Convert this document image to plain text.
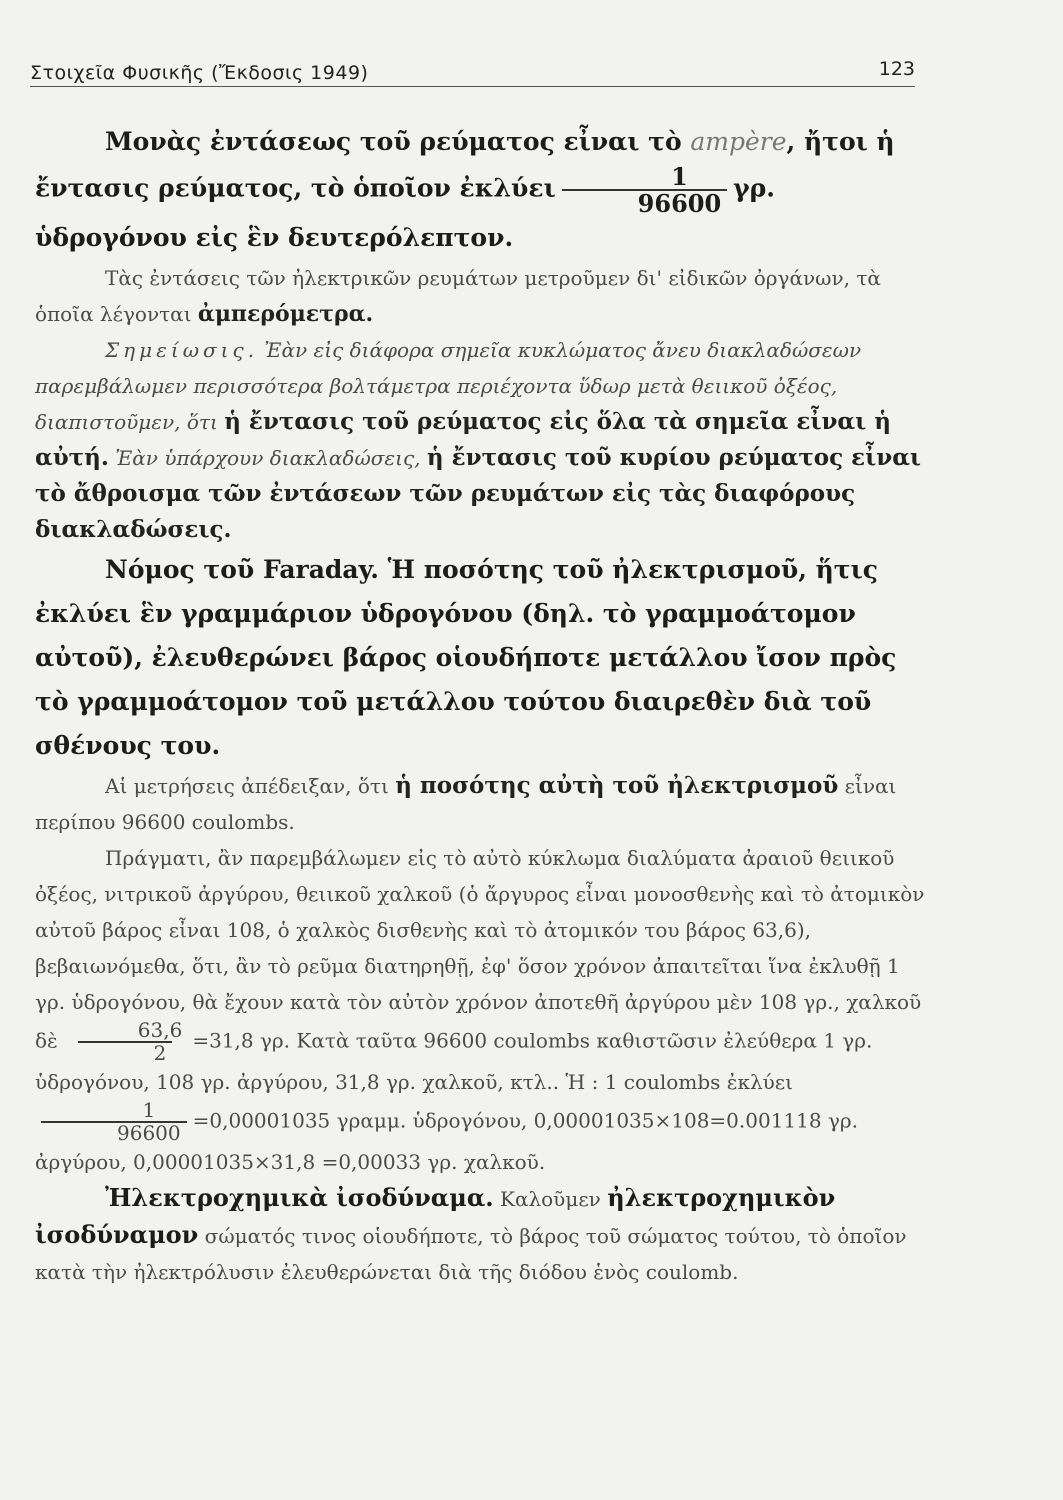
Στοιχεῖα Φυσικῆς (Ἔκδοσις 1949)	123

Μονὰς ἐντάσεως τοῦ ρεύματος εἶναι τὸ ampère, ἤτοι ἡ ἔντασις ρεύματος, τὸ ὁποῖον ἐκλύει $\frac{1}{96600} \gamma\rho$. ὑδρογόνου εἰς ἓν δευτερόλεπτον.

Τὰς ἐντάσεις τῶν ἠλεκτρικῶν ρευμάτων μετροῦμεν δι' εἰδικῶν ὀργάνων, τὰ ὁποῖα λέγονται ἀμπερόμετρα.

Σημείωσις. Ἐὰν εἰς διάφορα σημεῖα κυκλώματος ἄνευ διακλαδώσεων παρεμβάλωμεν περισσότερα βολτάμετρα περιέχοντα ὕδωρ μετὰ θειικοῦ ὀξέος, διαπιστοῦμεν, ὅτι ἡ ἔντασις τοῦ ρεύματος εἰς ὅλα τὰ σημεῖα εἶναι ἡ αὐτή. Ἐὰν ὑπάρχουν διακλαδώσεις, ἡ ἔντασις τοῦ κυρίου ρεύματος εἶναι τὸ ἄθροισμα τῶν ἐντάσεων τῶν ρευμάτων εἰς τὰς διαφόρους διακλαδώσεις.

Νόμος τοῦ Faraday. Ἡ ποσότης τοῦ ἠλεκτρισμοῦ, ἥτις ἐκλύει ἓν γραμμάριον ὑδρογόνου (δηλ. τὸ γραμμοάτομον αὐτοῦ), ἐλευθερώνει βάρος οἱουδήποτε μετάλλου ἴσον πρὸς τὸ γραμμοάτομον τοῦ μετάλλου τούτου διαιρεθὲν διὰ τοῦ σθένους του.

Αἱ μετρήσεις ἀπέδειξαν, ὅτι ἡ ποσότης αὐτὴ τοῦ ἠλεκτρισμοῦ εἶναι περίπου 96600 coulombs.

Πράγματι, ἂν παρεμβάλωμεν εἰς τὸ αὐτὸ κύκλωμα διαλύματα ἀραιοῦ θειικοῦ ὀξέος, νιτρικοῦ ἀργύρου, θειικοῦ χαλκοῦ (ὁ ἄργυρος εἶναι μονοσθενὴς καὶ τὸ ἀτομικὸν αὐτοῦ βάρος εἶναι 108, ὁ χαλκὸς δισθενὴς καὶ τὸ ἀτομικόν του βάρος 63,6), βεβαιωνόμεθα, ὅτι, ἂν τὸ ρεῦμα διατηρηθῇ, ἐφ' ὅσον χρόνον ἀπαιτεῖται ἵνα ἐκλυθῇ 1 γρ. ὑδρογόνου, θὰ ἔχουν κατὰ τὸν αὐτὸν χρόνον ἀποτεθῆ ἀργύρου μὲν 108 γρ., χαλκοῦ δὲ $\frac{63,6}{2} =31,8$ γρ. Κατὰ ταῦτα 96600 coulombs καθιστῶσιν ἐλεύθερα 1 γρ. ὑδρογόνου, 108 γρ. ἀργύρου, 31,8 γρ. χαλκοῦ, κτλ.. Ἡ : 1 coulombs ἐκλύει
$\frac{1}{96600} =0,00001035$ γραμμ. ὑδρογόνου, 0,00001035×108=0.001118 γρ. ἀργύρου, 0,00001035×31,8 =0,00033 γρ. χαλκοῦ.

Ἠλεκτροχημικὰ ἰσοδύναμα. Καλοῦμεν ἠλεκτροχημικὸν ἰσοδύναμον σώματός τινος οἱουδήποτε, τὸ βάρος τοῦ σώματος τούτου, τὸ ὁποῖον κατὰ τὴν ἠλεκτρόλυσιν ἐλευθερώνεται διὰ τῆς διόδου ἑνὸς coulomb.
